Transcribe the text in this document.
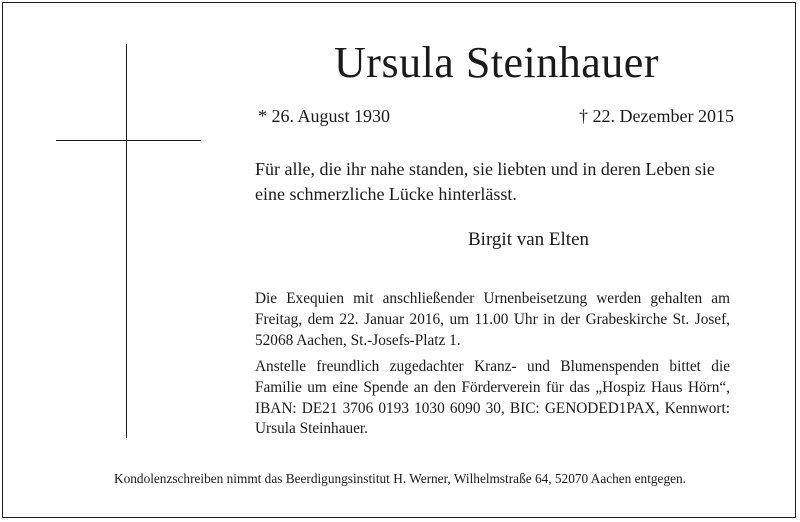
Ursula Steinhauer
* 26. August 1930	† 22. Dezember 2015
Für alle, die ihr nahe standen, sie liebten und in deren Leben sie eine schmerzliche Lücke hinterlässt.
Birgit van Elten
Die Exequien mit anschließender Urnenbeisetzung werden gehalten am Freitag, dem 22. Januar 2016, um 11.00 Uhr in der Grabeskirche St. Josef, 52068 Aachen, St.-Josefs-Platz 1.
Anstelle freundlich zugedachter Kranz- und Blumenspenden bittet die Familie um eine Spende an den Förderverein für das „Hospiz Haus Hörn“, IBAN: DE21 3706 0193 1030 6090 30, BIC: GENODED1PAX, Kennwort: Ursula Steinhauer.
Kondolenzschreiben nimmt das Beerdigungsinstitut H. Werner, Wilhelmstraße 64, 52070 Aachen entgegen.
